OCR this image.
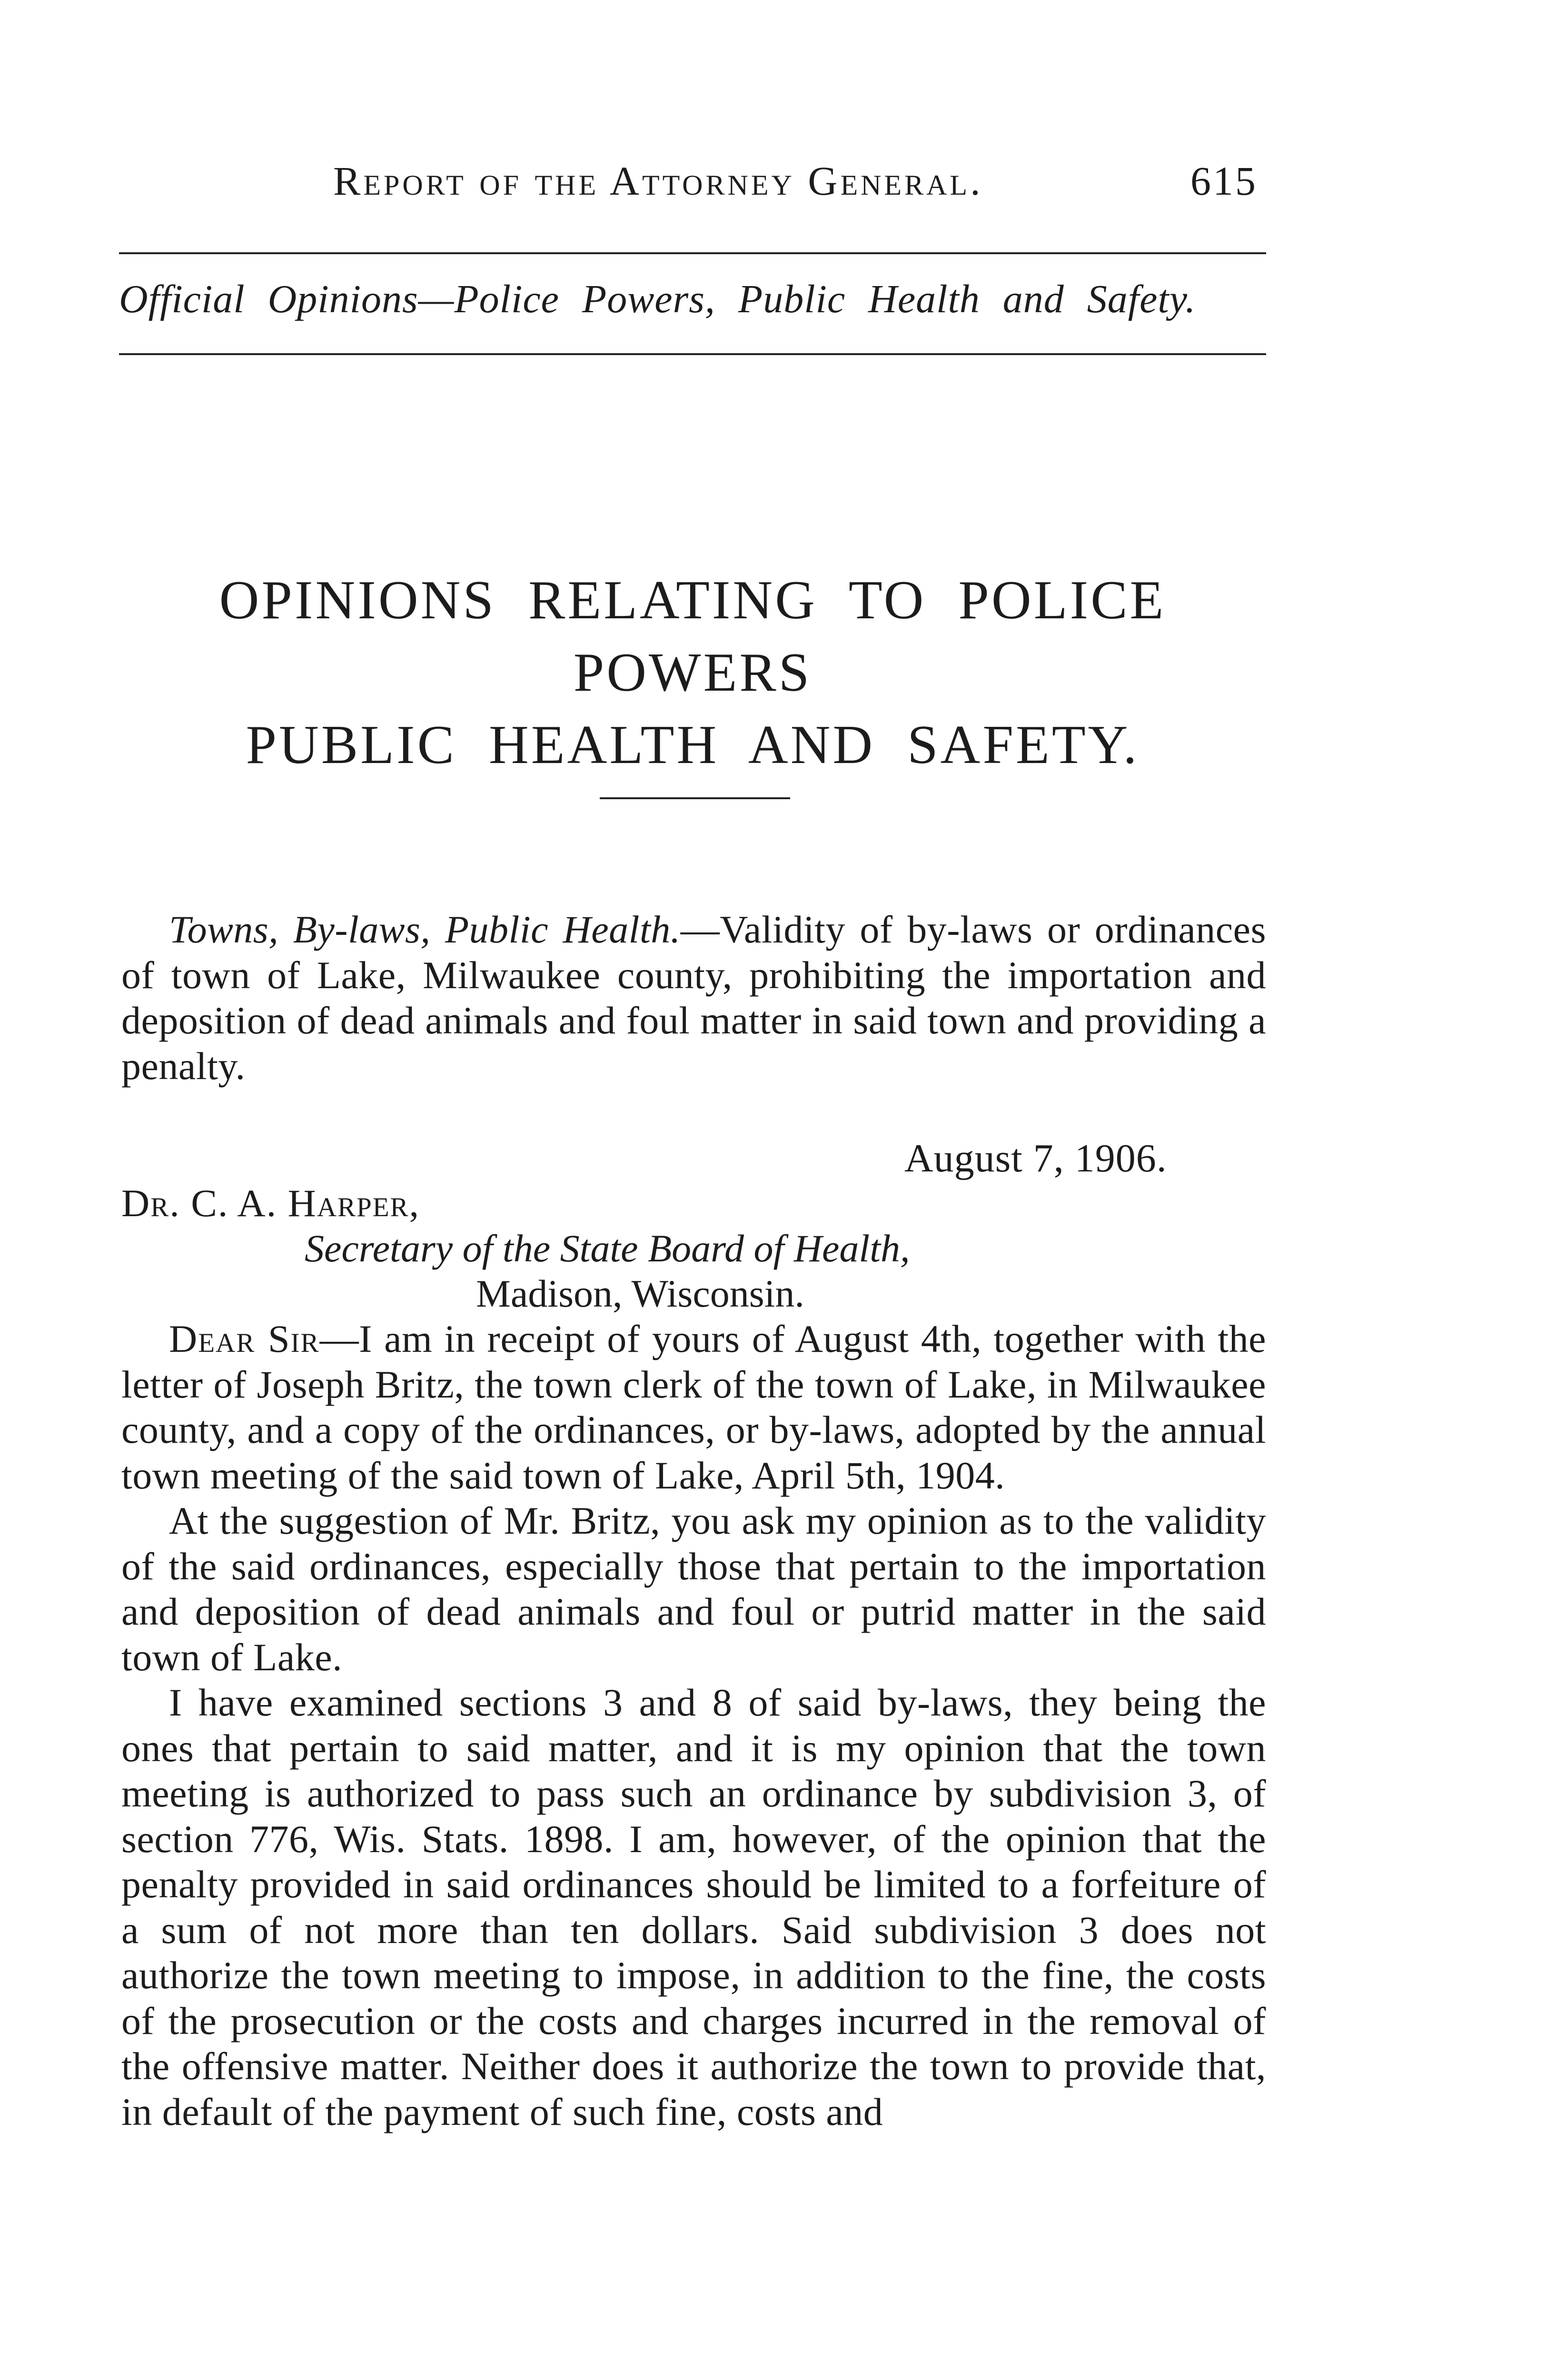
Report of the Attorney General.	615
Official Opinions—Police Powers, Public Health and Safety.
OPINIONS RELATING TO POLICE POWERS
PUBLIC HEALTH AND SAFETY.

Towns, By-laws, Public Health.—Validity of by-laws or ordinances of town of Lake, Milwaukee county, prohibiting the importation and deposition of dead animals and foul matter in said town and providing a penalty.

August 7, 1906.
Dr. C. A. Harper,
Secretary of the State Board of Health,
Madison, Wisconsin.

Dear Sir—I am in receipt of yours of August 4th, together with the letter of Joseph Britz, the town clerk of the town of Lake, in Milwaukee county, and a copy of the ordinances, or by-laws, adopted by the annual town meeting of the said town of Lake, April 5th, 1904.

At the suggestion of Mr. Britz, you ask my opinion as to the validity of the said ordinances, especially those that pertain to the importation and deposition of dead animals and foul or putrid matter in the said town of Lake.

I have examined sections 3 and 8 of said by-laws, they being the ones that pertain to said matter, and it is my opinion that the town meeting is authorized to pass such an ordinance by subdivision 3, of section 776, Wis. Stats. 1898. I am, however, of the opinion that the penalty provided in said ordinances should be limited to a forfeiture of a sum of not more than ten dollars. Said subdivision 3 does not authorize the town meeting to impose, in addition to the fine, the costs of the prosecution or the costs and charges incurred in the removal of the offensive matter. Neither does it authorize the town to provide that, in default of the payment of such fine, costs and
